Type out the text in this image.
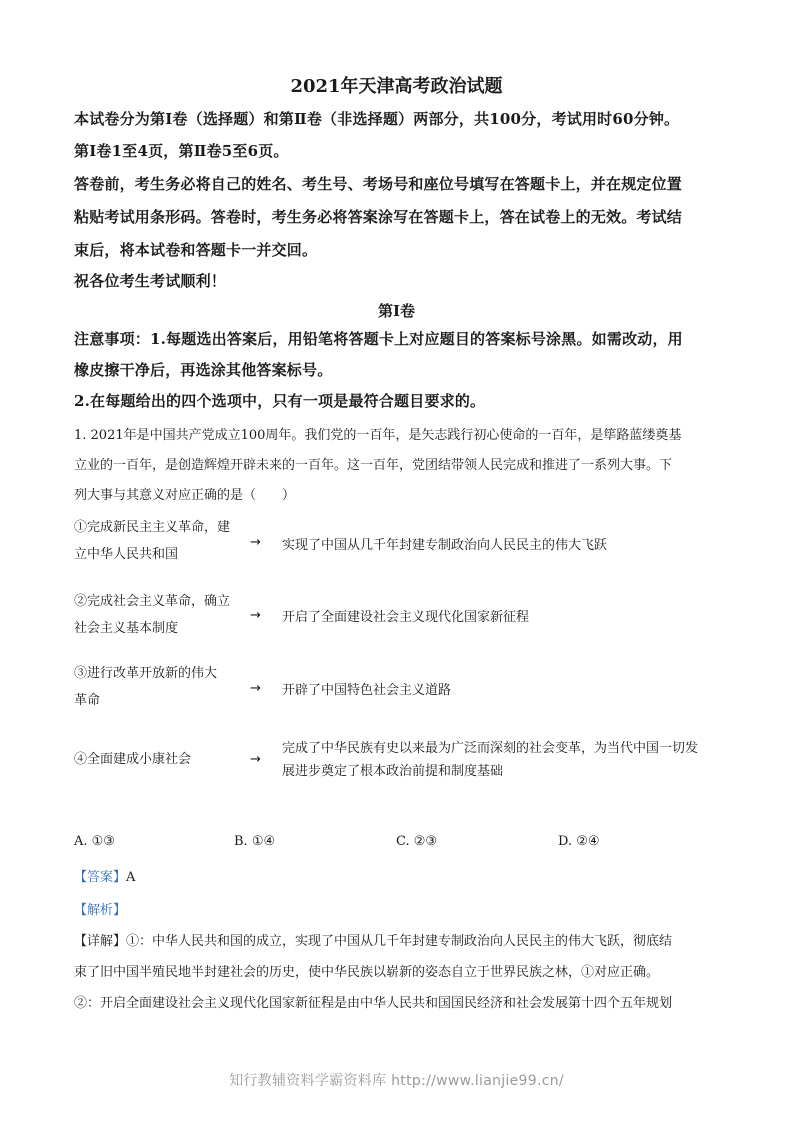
2021年天津高考政治试题
本试卷分为第Ⅰ卷（选择题）和第Ⅱ卷（非选择题）两部分，共100分，考试用时60分钟。
第Ⅰ卷1至4页，第Ⅱ卷5至6页。
答卷前，考生务必将自己的姓名、考生号、考场号和座位号填写在答题卡上，并在规定位置
粘贴考试用条形码。答卷时，考生务必将答案涂写在答题卡上，答在试卷上的无效。考试结
束后，将本试卷和答题卡一并交回。
祝各位考生考试顺利！
第Ⅰ卷
注意事项：1.每题选出答案后，用铅笔将答题卡上对应题目的答案标号涂黑。如需改动，用
橡皮擦干净后，再选涂其他答案标号。
2.在每题给出的四个选项中，只有一项是最符合题目要求的。
1. 2021年是中国共产党成立100周年。我们党的一百年，是矢志践行初心使命的一百年，是筚路蓝缕奠基
立业的一百年，是创造辉煌开辟未来的一百年。这一百年，党团结带领人民完成和推进了一系列大事。下
列大事与其意义对应正确的是（　　）
①完成新民主主义革命，建
立中华人民共和国
→ 实现了中国从几千年封建专制政治向人民民主的伟大飞跃
②完成社会主义革命，确立
社会主义基本制度
→ 开启了全面建设社会主义现代化国家新征程
③进行改革开放新的伟大
革命
→ 开辟了中国特色社会主义道路
④全面建成小康社会	→
完成了中华民族有史以来最为广泛而深刻的社会变革，为当代中国一切发
展进步奠定了根本政治前提和制度基础
A. ①③	B. ①④	C. ②③	D. ②④
【答案】A
【解析】
【详解】①：中华人民共和国的成立，实现了中国从几千年封建专制政治向人民民主的伟大飞跃，彻底结
束了旧中国半殖民地半封建社会的历史，使中华民族以崭新的姿态自立于世界民族之林，①对应正确。
②：开启全面建设社会主义现代化国家新征程是由中华人民共和国国民经济和社会发展第十四个五年规划
知行教辅资料学霸资料库 http://www.lianjie99.cn/
